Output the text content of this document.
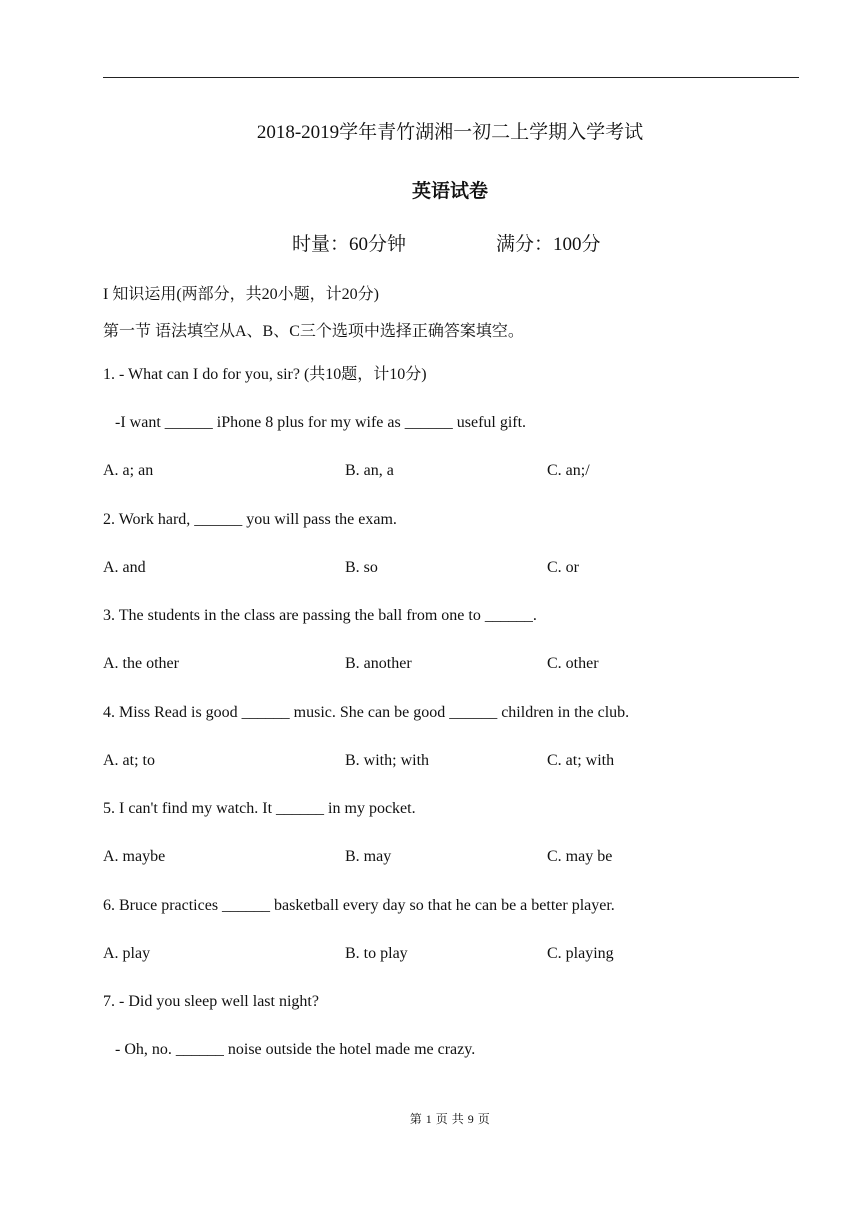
2018-2019学年青竹湖湘一初二上学期入学考试
英语试卷
时量：60分钟	满分：100分
I 知识运用(两部分，共20小题，计20分)
第一节 语法填空从A、B、C三个选项中选择正确答案填空。
1. - What can I do for you, sir? (共10题，计10分)
-I want ______ iPhone 8 plus for my wife as ______ useful gift.
A. a; an	B. an, a	C. an;/
2. Work hard, ______ you will pass the exam.
A. and	B. so	C. or
3. The students in the class are passing the ball from one to ______.
A. the other	B. another	C. other
4. Miss Read is good ______ music. She can be good ______ children in the club.
A. at; to	B. with; with	C. at; with
5. I can't find my watch. It ______ in my pocket.
A. maybe	B. may	C. may be
6. Bruce practices ______ basketball every day so that he can be a better player.
A. play	B. to play	C. playing
7. - Did you sleep well last night?
- Oh, no. ______ noise outside the hotel made me crazy.
第 1 页 共 9 页
